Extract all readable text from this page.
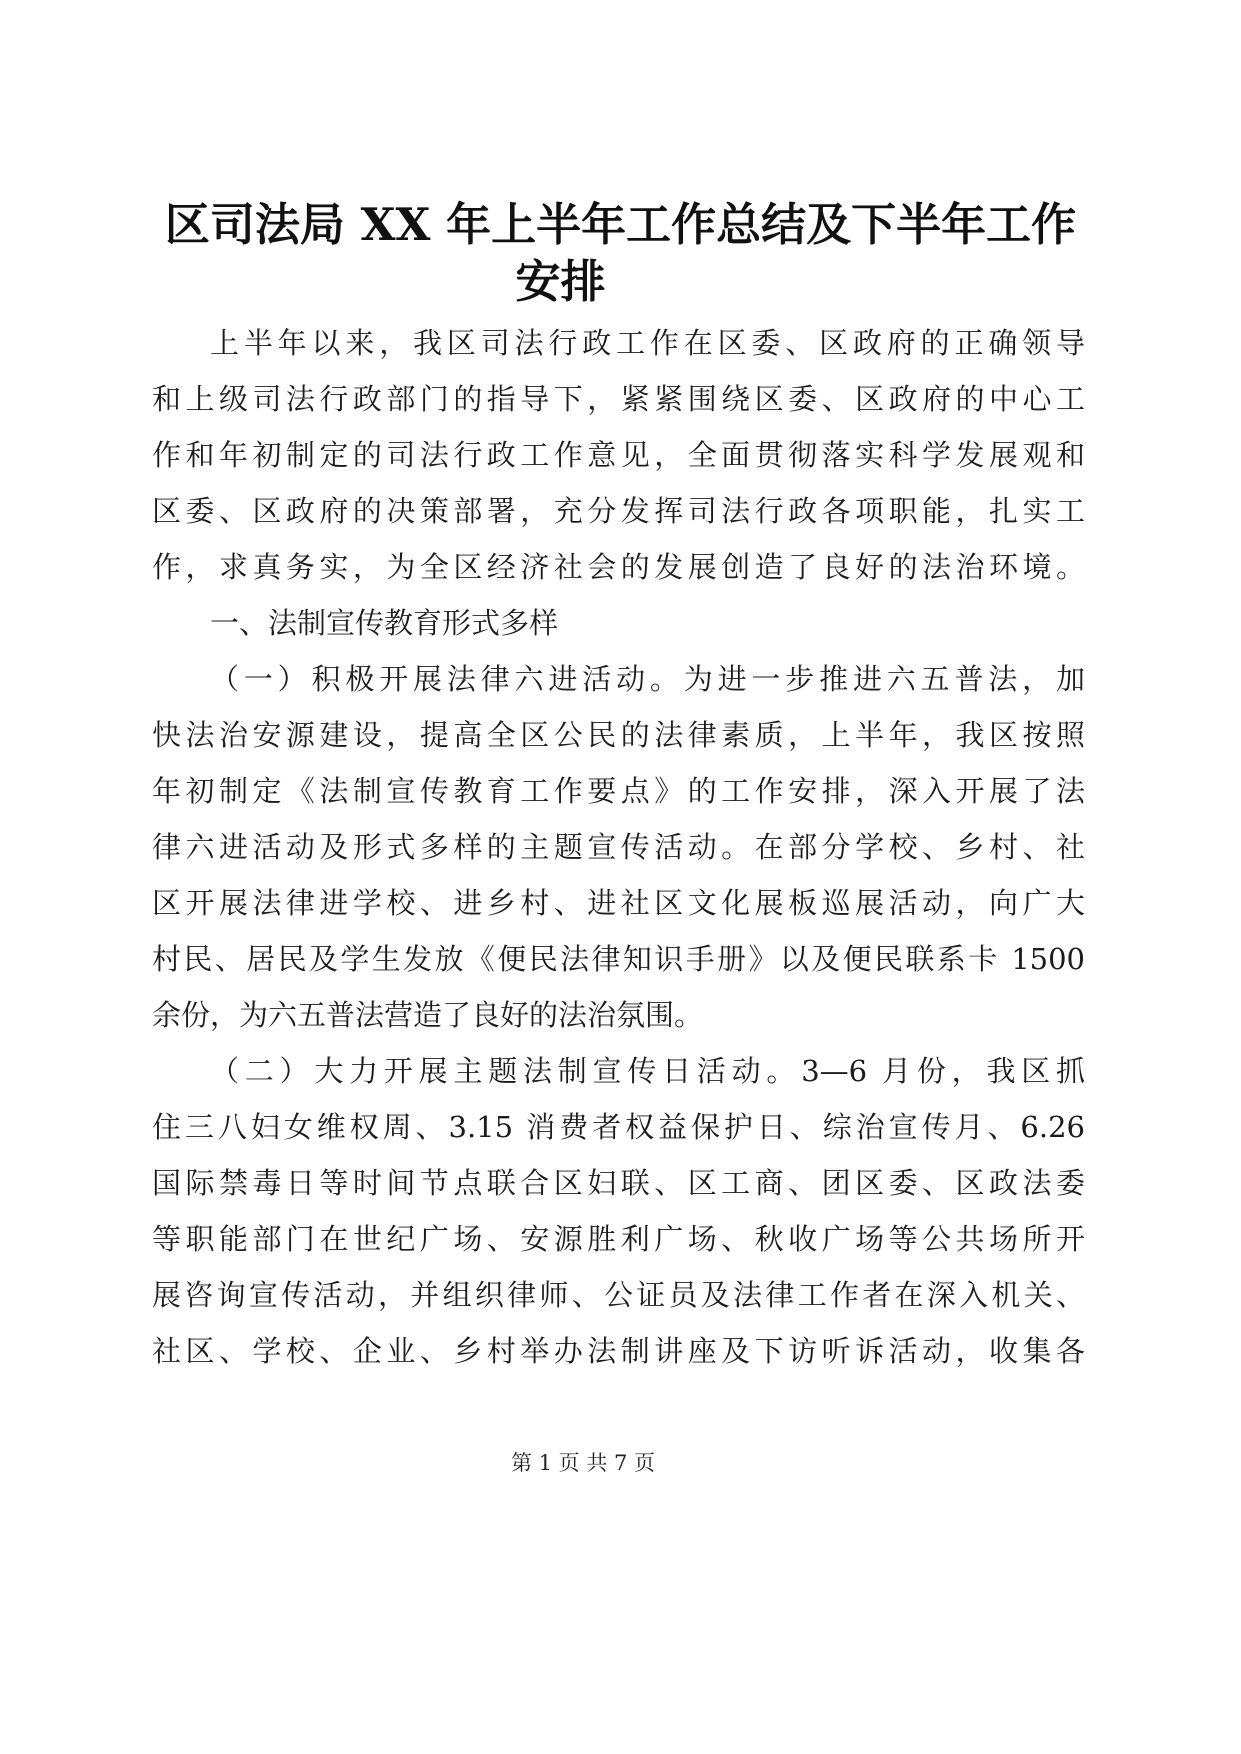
区司法局 XX 年上半年工作总结及下半年工作
安排
上半年以来，我区司法行政工作在区委、区政府的正确领导
和上级司法行政部门的指导下，紧紧围绕区委、区政府的中心工
作和年初制定的司法行政工作意见，全面贯彻落实科学发展观和
区委、区政府的决策部署，充分发挥司法行政各项职能，扎实工
作，求真务实，为全区经济社会的发展创造了良好的法治环境。
一、法制宣传教育形式多样
（一）积极开展法律六进活动。为进一步推进六五普法，加
快法治安源建设，提高全区公民的法律素质，上半年，我区按照
年初制定《法制宣传教育工作要点》的工作安排，深入开展了法
律六进活动及形式多样的主题宣传活动。在部分学校、乡村、社
区开展法律进学校、进乡村、进社区文化展板巡展活动，向广大
村民、居民及学生发放《便民法律知识手册》以及便民联系卡 1500
余份，为六五普法营造了良好的法治氛围。
（二）大力开展主题法制宣传日活动。3—6 月份，我区抓
住三八妇女维权周、3.15 消费者权益保护日、综治宣传月、6.26
国际禁毒日等时间节点联合区妇联、区工商、团区委、区政法委
等职能部门在世纪广场、安源胜利广场、秋收广场等公共场所开
展咨询宣传活动，并组织律师、公证员及法律工作者在深入机关、
社区、学校、企业、乡村举办法制讲座及下访听诉活动，收集各
第 1 页 共 7 页
